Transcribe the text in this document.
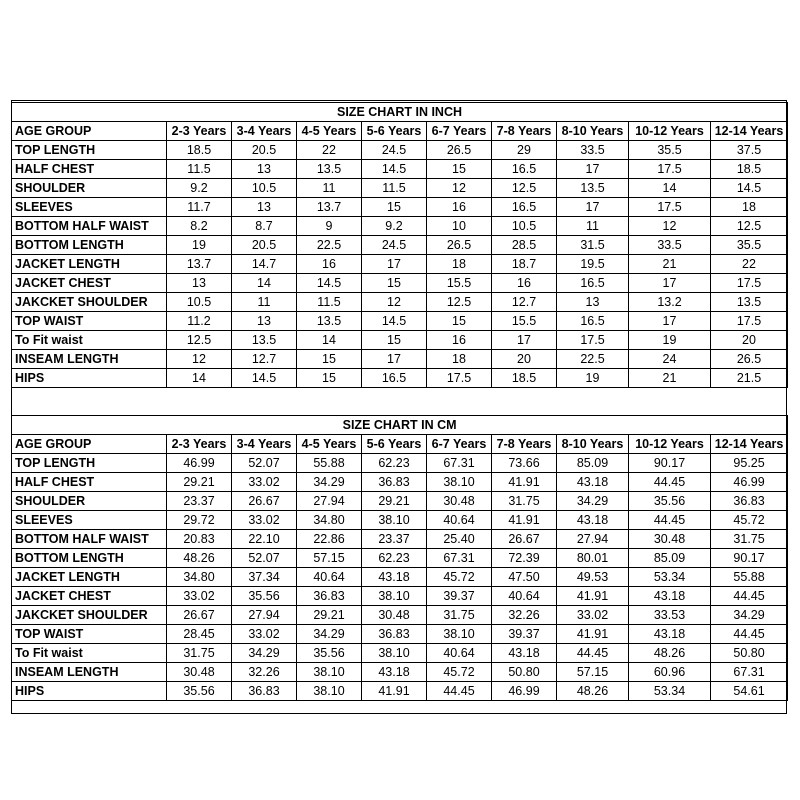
SIZE CHART IN INCH									
AGE GROUP	2-3 Years	3-4 Years	4-5 Years	5-6 Years	6-7 Years	7-8 Years	8-10 Years	10-12 Years	12-14 Years
TOP LENGTH	18.5	20.5	22	24.5	26.5	29	33.5	35.5	37.5
HALF CHEST	11.5	13	13.5	14.5	15	16.5	17	17.5	18.5
SHOULDER	9.2	10.5	11	11.5	12	12.5	13.5	14	14.5
SLEEVES	11.7	13	13.7	15	16	16.5	17	17.5	18
BOTTOM HALF WAIST	8.2	8.7	9	9.2	10	10.5	11	12	12.5
BOTTOM LENGTH	19	20.5	22.5	24.5	26.5	28.5	31.5	33.5	35.5
JACKET LENGTH	13.7	14.7	16	17	18	18.7	19.5	21	22
JACKET CHEST	13	14	14.5	15	15.5	16	16.5	17	17.5
JAKCKET SHOULDER	10.5	11	11.5	12	12.5	12.7	13	13.2	13.5
TOP WAIST	11.2	13	13.5	14.5	15	15.5	16.5	17	17.5
To Fit waist	12.5	13.5	14	15	16	17	17.5	19	20
INSEAM LENGTH	12	12.7	15	17	18	20	22.5	24	26.5
HIPS	14	14.5	15	16.5	17.5	18.5	19	21	21.5
SIZE CHART IN CM									
AGE GROUP	2-3 Years	3-4 Years	4-5 Years	5-6 Years	6-7 Years	7-8 Years	8-10 Years	10-12 Years	12-14 Years
TOP LENGTH	46.99	52.07	55.88	62.23	67.31	73.66	85.09	90.17	95.25
HALF CHEST	29.21	33.02	34.29	36.83	38.10	41.91	43.18	44.45	46.99
SHOULDER	23.37	26.67	27.94	29.21	30.48	31.75	34.29	35.56	36.83
SLEEVES	29.72	33.02	34.80	38.10	40.64	41.91	43.18	44.45	45.72
BOTTOM HALF WAIST	20.83	22.10	22.86	23.37	25.40	26.67	27.94	30.48	31.75
BOTTOM LENGTH	48.26	52.07	57.15	62.23	67.31	72.39	80.01	85.09	90.17
JACKET LENGTH	34.80	37.34	40.64	43.18	45.72	47.50	49.53	53.34	55.88
JACKET CHEST	33.02	35.56	36.83	38.10	39.37	40.64	41.91	43.18	44.45
JAKCKET SHOULDER	26.67	27.94	29.21	30.48	31.75	32.26	33.02	33.53	34.29
TOP WAIST	28.45	33.02	34.29	36.83	38.10	39.37	41.91	43.18	44.45
To Fit waist	31.75	34.29	35.56	38.10	40.64	43.18	44.45	48.26	50.80
INSEAM LENGTH	30.48	32.26	38.10	43.18	45.72	50.80	57.15	60.96	67.31
HIPS	35.56	36.83	38.10	41.91	44.45	46.99	48.26	53.34	54.61
